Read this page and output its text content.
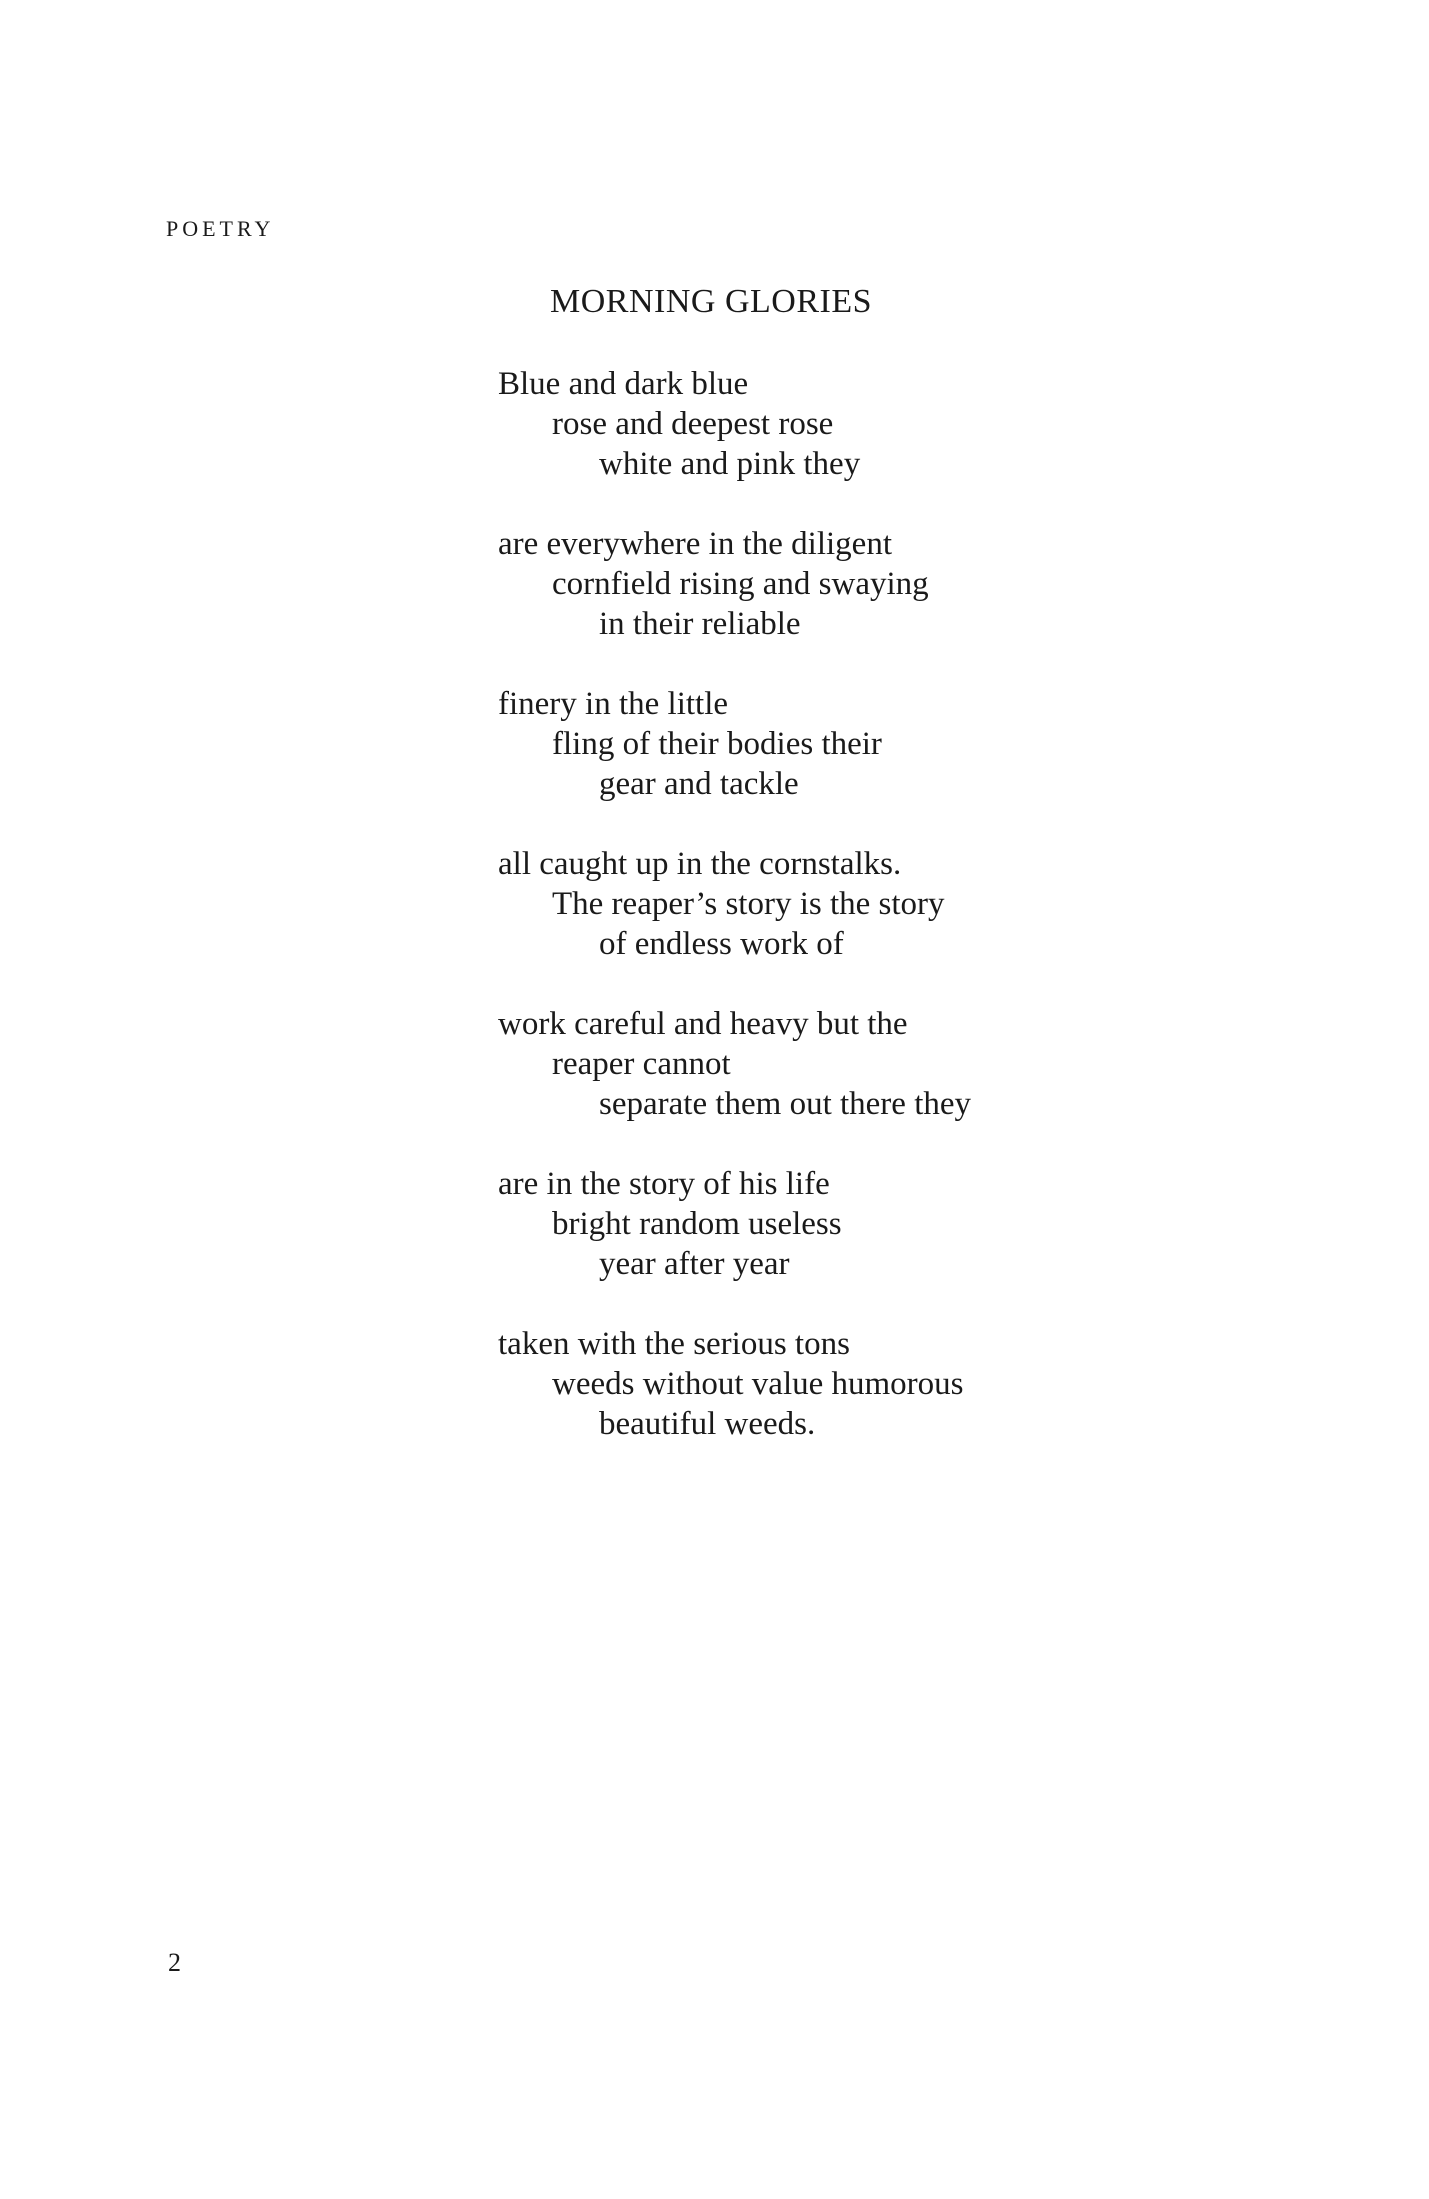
POETRY
MORNING GLORIES
Blue and dark blue
rose and deepest rose
white and pink they
are everywhere in the diligent
cornfield rising and swaying
in their reliable
finery in the little
fling of their bodies their
gear and tackle
all caught up in the cornstalks.
The reaper’s story is the story
of endless work of
work careful and heavy but the
reaper cannot
separate them out there they
are in the story of his life
bright random useless
year after year
taken with the serious tons
weeds without value humorous
beautiful weeds.
2
